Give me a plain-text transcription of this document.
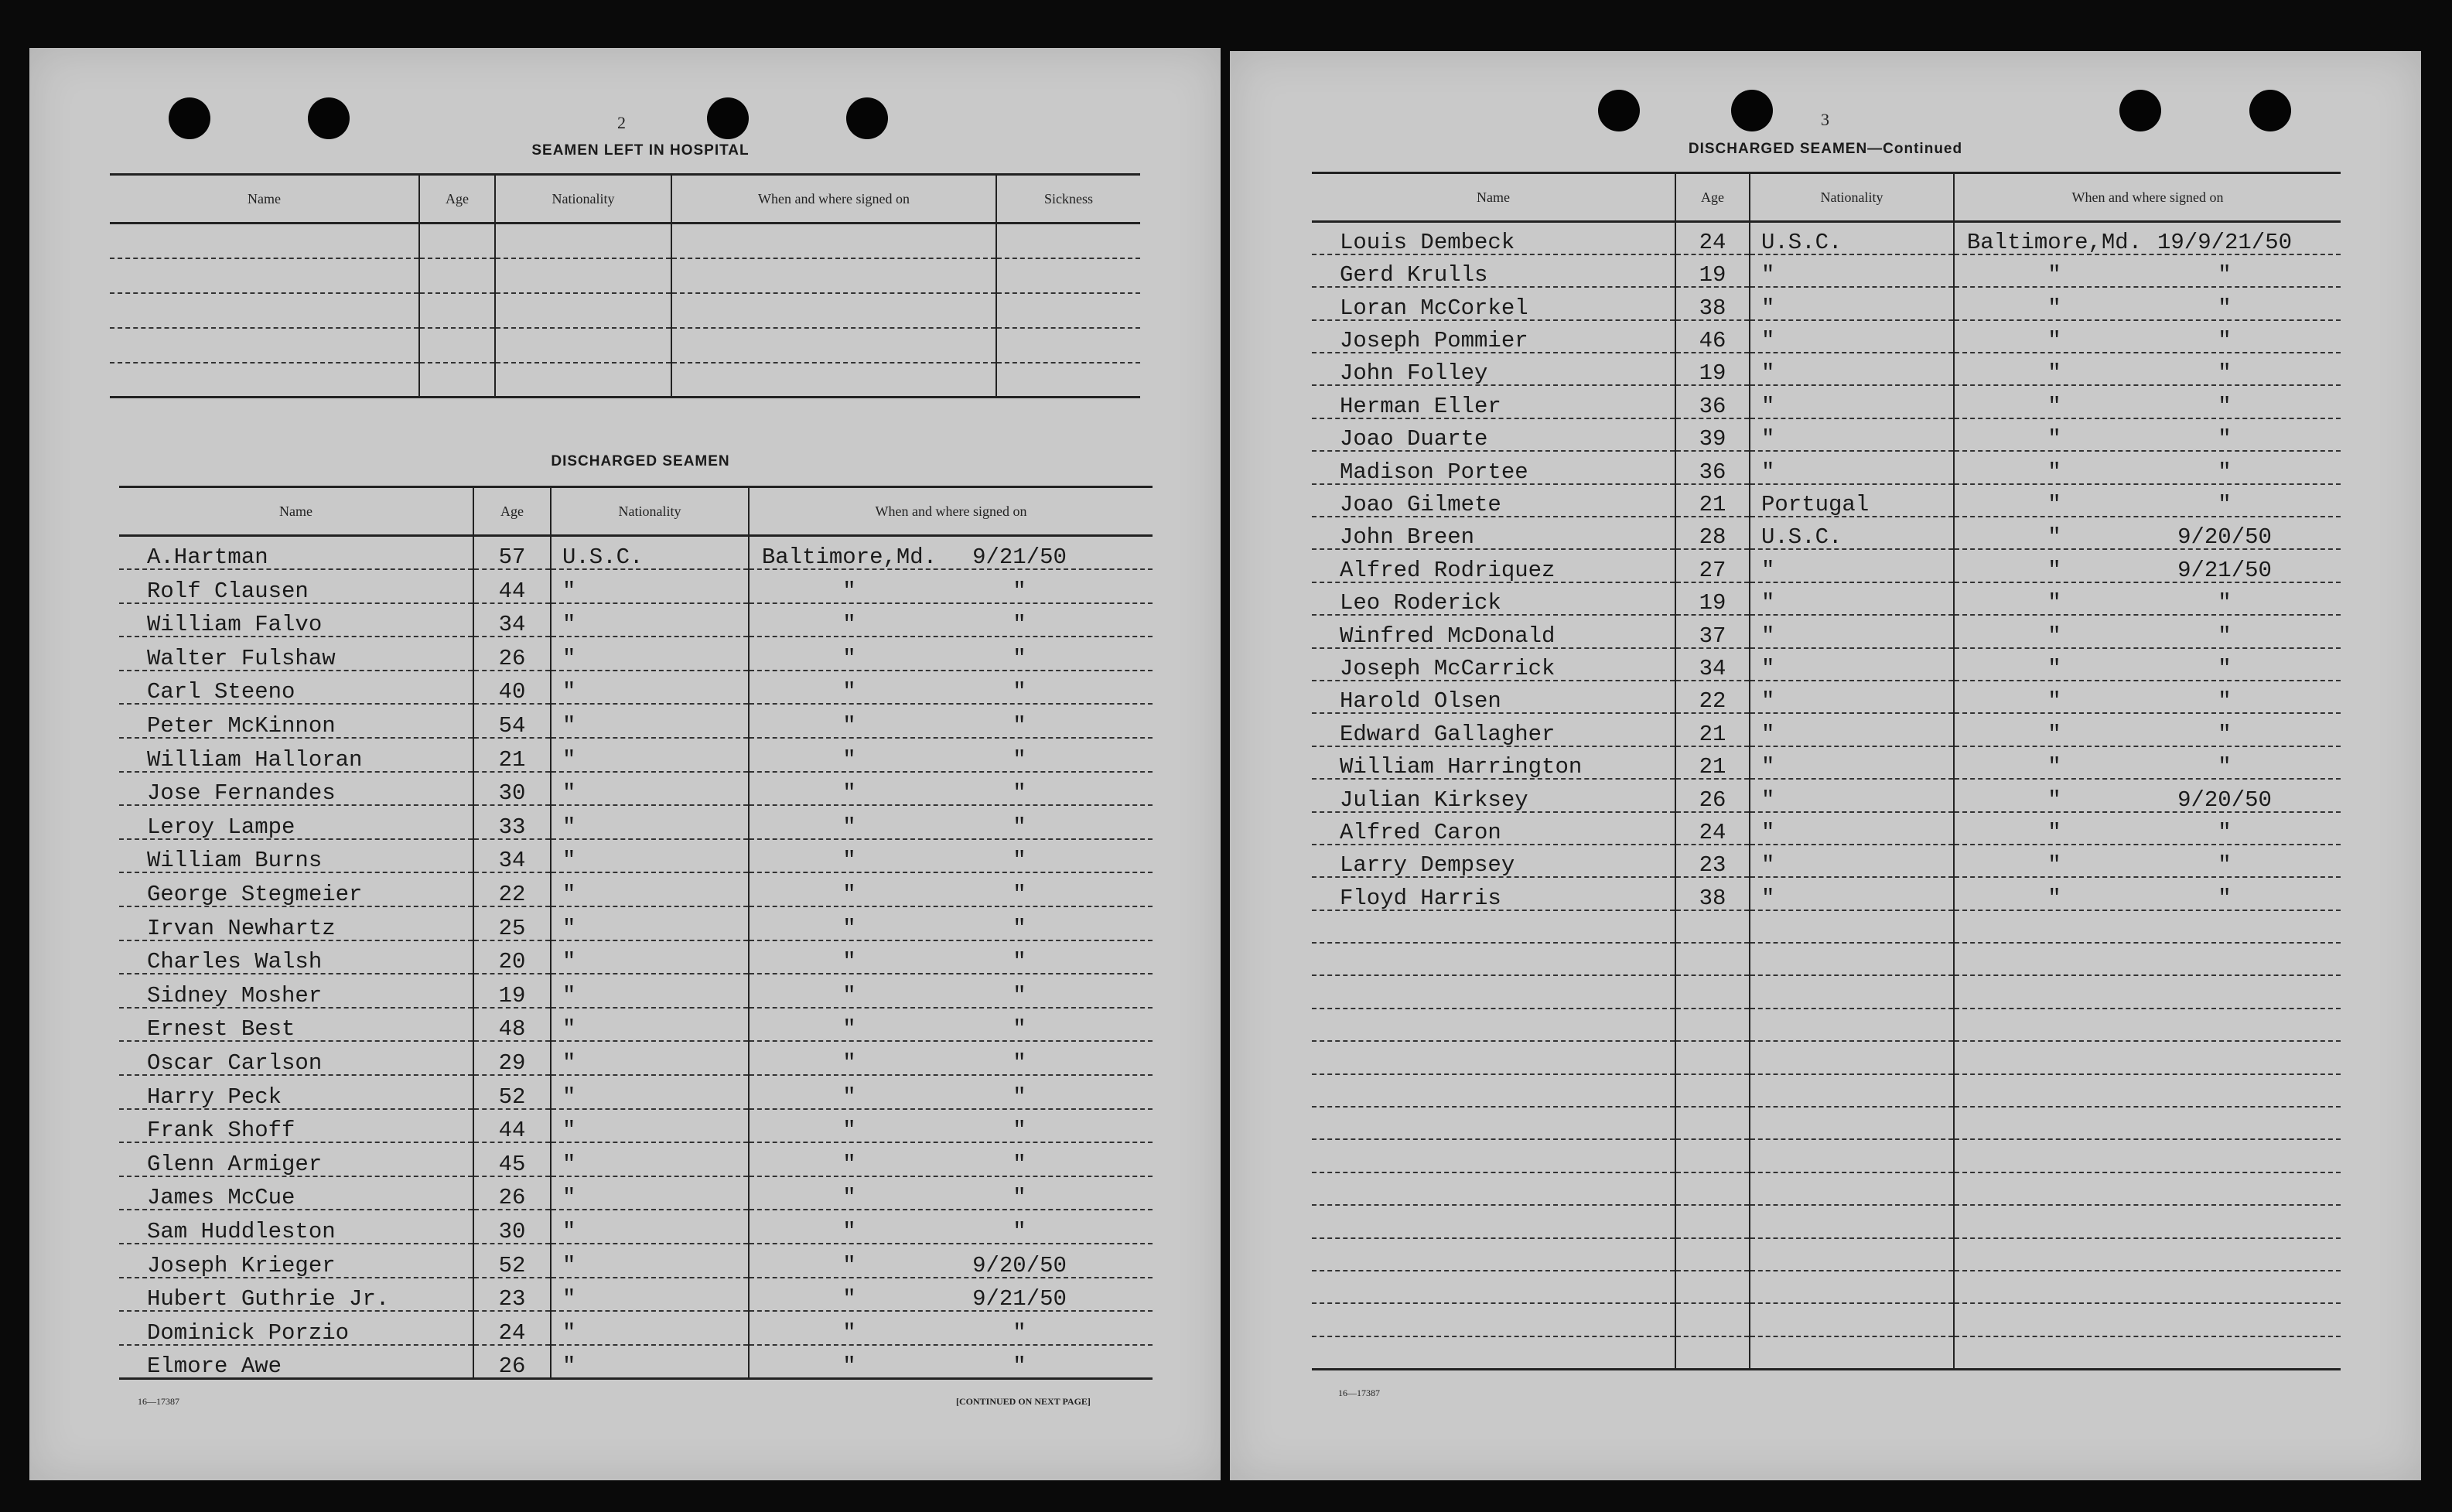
2
SEAMEN LEFT IN HOSPITAL
Name	Age	Nationality	When and where signed on	Sickness

DISCHARGED SEAMEN
Name	Age	Nationality	When and where signed on
A.Hartman	57	U.S.C.	Baltimore,Md. 9/21/50
Rolf Clausen	44	"	" "
William Falvo	34	"	" "
Walter Fulshaw	26	"	" "
Carl Steeno	40	"	" "
Peter McKinnon	54	"	" "
William Halloran	21	"	" "
Jose Fernandes	30	"	" "
Leroy Lampe	33	"	" "
William Burns	34	"	" "
George Stegmeier	22	"	" "
Irvan Newhartz	25	"	" "
Charles Walsh	20	"	" "
Sidney Mosher	19	"	" "
Ernest Best	48	"	" "
Oscar Carlson	29	"	" "
Harry Peck	52	"	" "
Frank Shoff	44	"	" "
Glenn Armiger	45	"	" "
James McCue	26	"	" "
Sam Huddleston	30	"	" "
Joseph Krieger	52	"	" 9/20/50
Hubert Guthrie Jr.	23	"	" 9/21/50
Dominick Porzio	24	"	" "
Elmore Awe	26	"	" "
16—17387	[CONTINUED ON NEXT PAGE]
3
DISCHARGED SEAMEN—Continued
Name	Age	Nationality	When and where signed on
Louis Dembeck	24	U.S.C.	Baltimore,Md. 19/9/21/50
Gerd Krulls	19	"	" "
Loran McCorkel	38	"	" "
Joseph Pommier	46	"	" "
John Folley	19	"	" "
Herman Eller	36	"	" "
Joao Duarte	39	"	" "
Madison Portee	36	"	" "
Joao Gilmete	21	Portugal	" "
John Breen	28	U.S.C.	" 9/20/50
Alfred Rodriquez	27	"	" 9/21/50
Leo Roderick	19	"	" "
Winfred McDonald	37	"	" "
Joseph McCarrick	34	"	" "
Harold Olsen	22	"	" "
Edward Gallagher	21	"	" "
William Harrington	21	"	" "
Julian Kirksey	26	"	" 9/20/50
Alfred Caron	24	"	" "
Larry Dempsey	23	"	" "
Floyd Harris	38	"	" "

16—17387
